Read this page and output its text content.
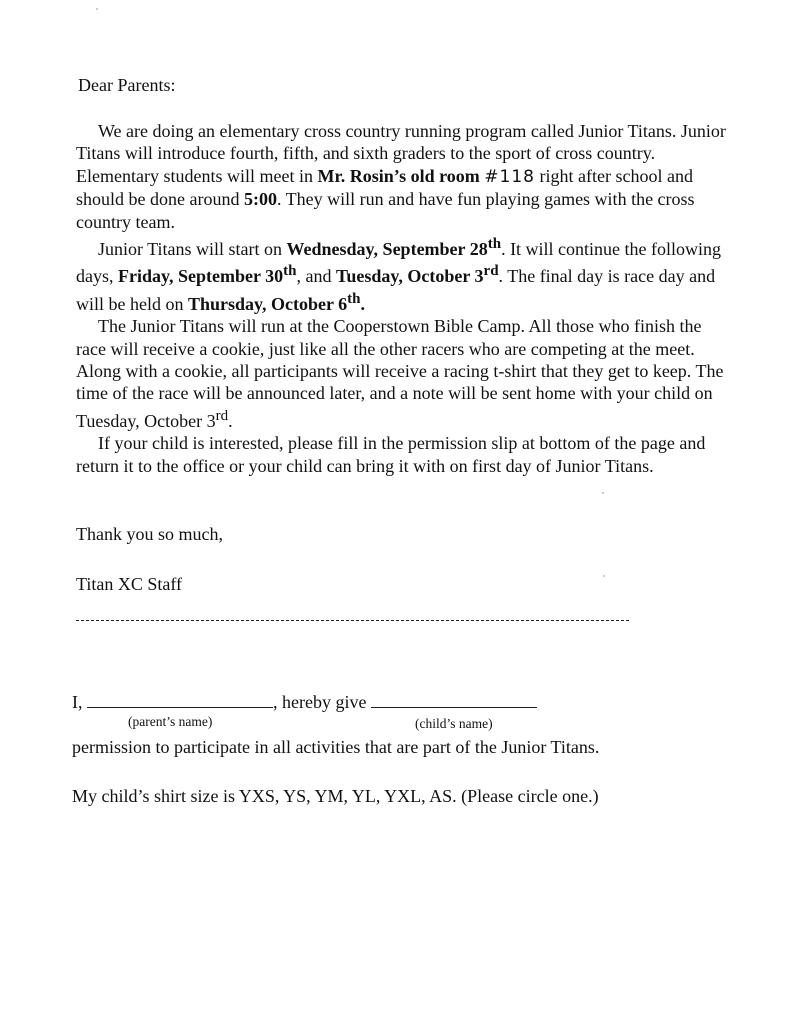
Dear Parents:

We are doing an elementary cross country running program called Junior Titans. Junior Titans will introduce fourth, fifth, and sixth graders to the sport of cross country. Elementary students will meet in Mr. Rosin’s old room #118 right after school and should be done around 5:00. They will run and have fun playing games with the cross country team.

Junior Titans will start on Wednesday, September 28th. It will continue the following days, Friday, September 30th, and Tuesday, October 3rd. The final day is race day and will be held on Thursday, October 6th.

The Junior Titans will run at the Cooperstown Bible Camp. All those who finish the race will receive a cookie, just like all the other racers who are competing at the meet. Along with a cookie, all participants will receive a racing t-shirt that they get to keep. The time of the race will be announced later, and a note will be sent home with your child on Tuesday, October 3rd.

If your child is interested, please fill in the permission slip at bottom of the page and return it to the office or your child can bring it with on first day of Junior Titans.

Thank you so much,
Titan XC Staff
I,	, hereby give
(parent’s name)	(child’s name)
permission to participate in all activities that are part of the Junior Titans.
My child’s shirt size is YXS, YS, YM, YL, YXL, AS. (Please circle one.)
